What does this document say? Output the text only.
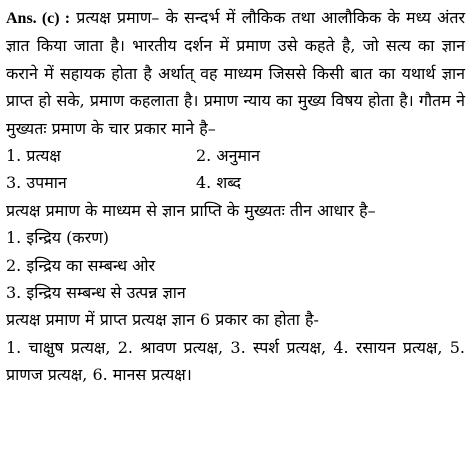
Ans. (c) : प्रत्यक्ष प्रमाण– के सन्दर्भ में लौकिक तथा आलौकिक के मध्य अंतर ज्ञात किया जाता है। भारतीय दर्शन में प्रमाण उसे कहते है, जो सत्य का ज्ञान कराने में सहायक होता है अर्थात् वह माध्यम जिससे किसी बात का यथार्थ ज्ञान प्राप्त हो सके, प्रमाण कहलाता है। प्रमाण न्याय का मुख्य विषय होता है। गौतम ने मुख्यतः प्रमाण के चार प्रकार माने है–

1. प्रत्यक्ष	2. अनुमान
3. उपमान	4. शब्द
प्रत्यक्ष प्रमाण के माध्यम से ज्ञान प्राप्ति के मुख्यतः तीन आधार है–
1. इन्द्रिय (करण)
2. इन्द्रिय का सम्बन्ध ओर
3. इन्द्रिय सम्बन्ध से उत्पन्न ज्ञान
प्रत्यक्ष प्रमाण में प्राप्त प्रत्यक्ष ज्ञान 6 प्रकार का होता है-

1. चाक्षुष प्रत्यक्ष, 2. श्रावण प्रत्यक्ष, 3. स्पर्श प्रत्यक्ष, 4. रसायन प्रत्यक्ष, 5. प्राणज प्रत्यक्ष, 6. मानस प्रत्यक्ष।
